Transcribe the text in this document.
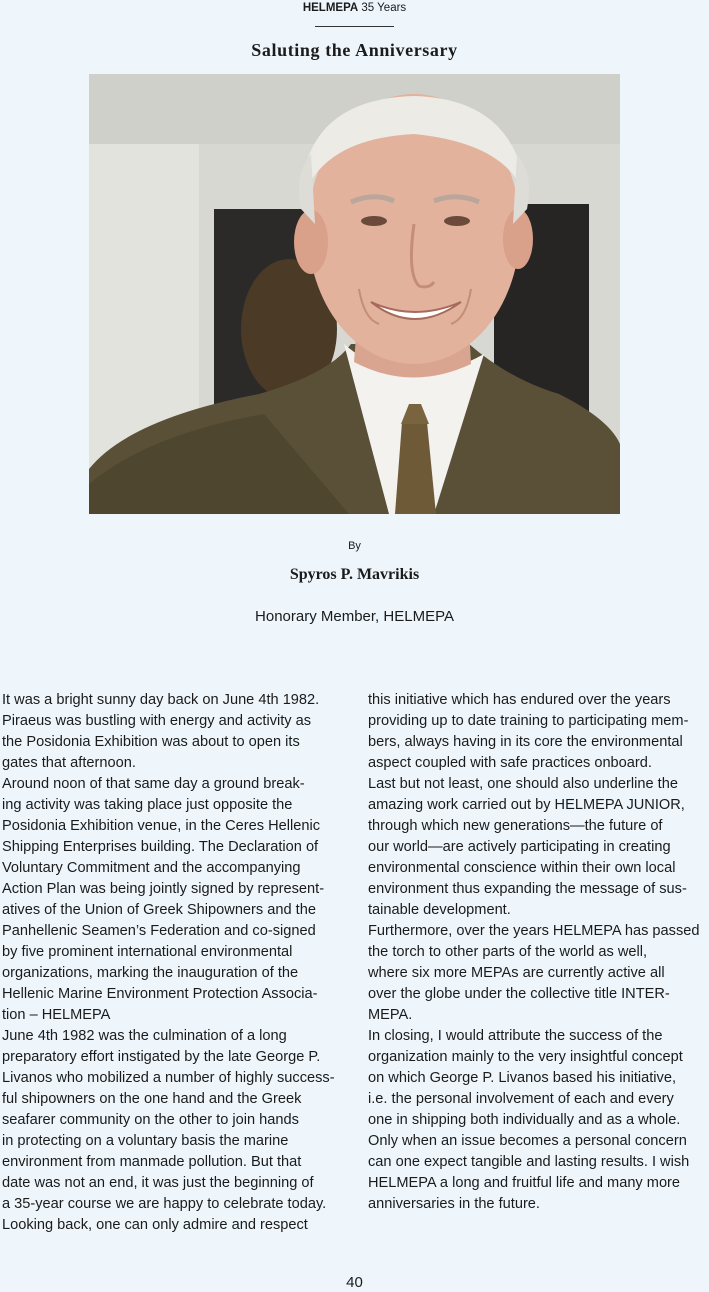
HELMEPA 35 Years
Saluting the Anniversary
By
Spyros P. Mavrikis
Honorary Member, HELMEPA
It was a bright sunny day back on June 4th 1982.
Piraeus was bustling with energy and activity as
the Posidonia Exhibition was about to open its
gates that afternoon.
Around noon of that same day a ground break-
ing activity was taking place just opposite the
Posidonia Exhibition venue, in the Ceres Hellenic
Shipping Enterprises building. The Declaration of
Voluntary Commitment and the accompanying
Action Plan was being jointly signed by represent-
atives of the Union of Greek Shipowners and the
Panhellenic Seamen’s Federation and co-signed
by five prominent international environmental
organizations, marking the inauguration of the
Hellenic Marine Environment Protection Associa-
tion – HELMEPA
June 4th 1982 was the culmination of a long
preparatory effort instigated by the late George P.
Livanos who mobilized a number of highly success-
ful shipowners on the one hand and the Greek
seafarer community on the other to join hands
in protecting on a voluntary basis the marine
environment from manmade pollution. But that
date was not an end, it was just the beginning of
a 35-year course we are happy to celebrate today.
Looking back, one can only admire and respect
this initiative which has endured over the years
providing up to date training to participating mem-
bers, always having in its core the environmental
aspect coupled with safe practices onboard.
Last but not least, one should also underline the
amazing work carried out by HELMEPA JUNIOR,
through which new generations—the future of
our world—are actively participating in creating
environmental conscience within their own local
environment thus expanding the message of sus-
tainable development.
Furthermore, over the years HELMEPA has passed
the torch to other parts of the world as well,
where six more MEPAs are currently active all
over the globe under the collective title INTER-
MEPA.
In closing, I would attribute the success of the
organization mainly to the very insightful concept
on which George P. Livanos based his initiative,
i.e. the personal involvement of each and every
one in shipping both individually and as a whole.
Only when an issue becomes a personal concern
can one expect tangible and lasting results. I wish
HELMEPA a long and fruitful life and many more
anniversaries in the future.
40
